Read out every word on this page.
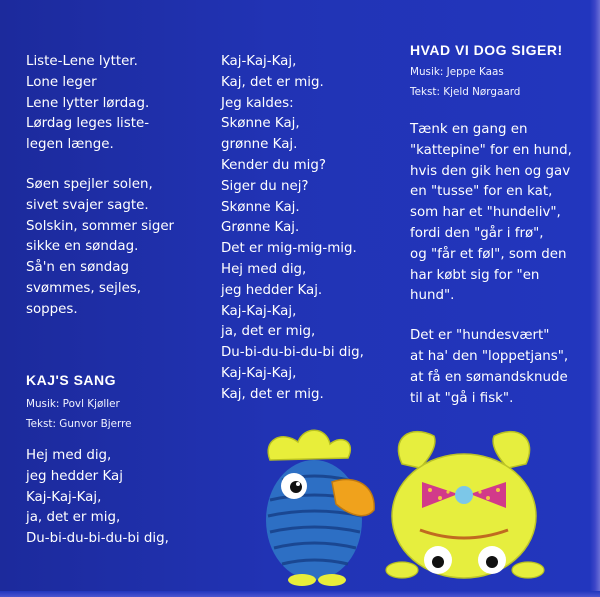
Liste-Lene lytter.
Lone leger
Lene lytter lørdag.
Lørdag leges liste-
legen længe.
Søen spejler solen,
sivet svajer sagte.
Solskin, sommer siger
sikke en søndag.
Så'n en søndag
svømmes, sejles,
soppes.
KAJ'S SANG
Musik: Povl Kjøller
Tekst: Gunvor Bjerre
Hej med dig,
jeg hedder Kaj
Kaj-Kaj-Kaj,
ja, det er mig,
Du-bi-du-bi-du-bi dig,
Kaj-Kaj-Kaj,
Kaj, det er mig.
Jeg kaldes:
Skønne Kaj,
grønne Kaj.
Kender du mig?
Siger du nej?
Skønne Kaj.
Grønne Kaj.
Det er mig-mig-mig.
Hej med dig,
jeg hedder Kaj.
Kaj-Kaj-Kaj,
ja, det er mig,
Du-bi-du-bi-du-bi dig,
Kaj-Kaj-Kaj,
Kaj, det er mig.
HVAD VI DOG SIGER!
Musik: Jeppe Kaas
Tekst: Kjeld Nørgaard
Tænk en gang en
"kattepine" for en hund,
hvis den gik hen og gav
en "tusse" for en kat,
som har et "hundeliv",
fordi den "går i frø",
og "får et føl", som den
har købt sig for "en
hund".
Det er "hundesvært"
at ha' den "loppetjans",
at få en sømandsknude
til at "gå i fisk".
